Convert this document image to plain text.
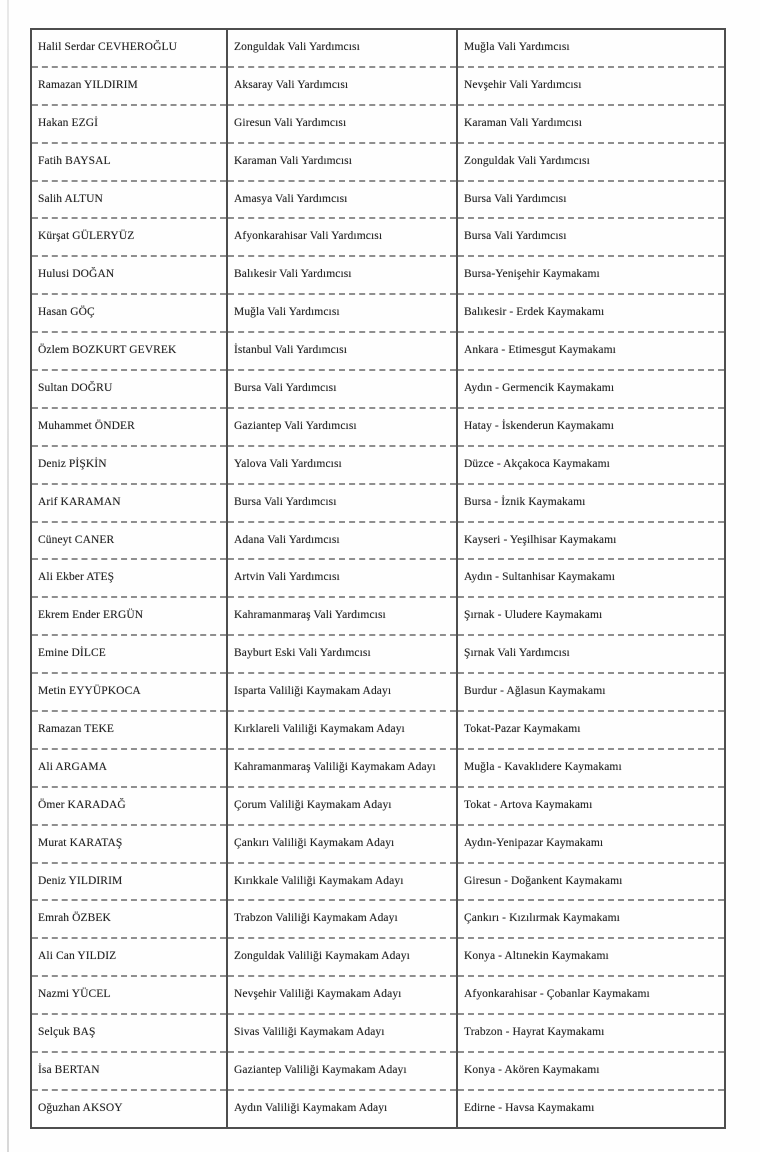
Halil Serdar CEVHEROĞLU	Zonguldak Vali Yardımcısı	Muğla Vali Yardımcısı
Ramazan YILDIRIM	Aksaray Vali Yardımcısı	Nevşehir Vali Yardımcısı
Hakan EZGİ	Giresun Vali Yardımcısı	Karaman Vali Yardımcısı
Fatih BAYSAL	Karaman Vali Yardımcısı	Zonguldak Vali Yardımcısı
Salih ALTUN	Amasya Vali Yardımcısı	Bursa Vali Yardımcısı
Kürşat GÜLERYÜZ	Afyonkarahisar Vali Yardımcısı	Bursa Vali Yardımcısı
Hulusi DOĞAN	Balıkesir Vali Yardımcısı	Bursa-Yenişehir Kaymakamı
Hasan GÖÇ	Muğla Vali Yardımcısı	Balıkesir - Erdek Kaymakamı
Özlem BOZKURT GEVREK	İstanbul Vali Yardımcısı	Ankara - Etimesgut Kaymakamı
Sultan DOĞRU	Bursa Vali Yardımcısı	Aydın - Germencik Kaymakamı
Muhammet ÖNDER	Gaziantep Vali Yardımcısı	Hatay - İskenderun Kaymakamı
Deniz PİŞKİN	Yalova Vali Yardımcısı	Düzce - Akçakoca Kaymakamı
Arif KARAMAN	Bursa Vali Yardımcısı	Bursa - İznik Kaymakamı
Cüneyt CANER	Adana Vali Yardımcısı	Kayseri - Yeşilhisar Kaymakamı
Ali Ekber ATEŞ	Artvin Vali Yardımcısı	Aydın - Sultanhisar Kaymakamı
Ekrem Ender ERGÜN	Kahramanmaraş Vali Yardımcısı	Şırnak - Uludere Kaymakamı
Emine DİLCE	Bayburt Eski Vali Yardımcısı	Şırnak Vali Yardımcısı
Metin EYYÜPKOCA	Isparta Valiliği Kaymakam Adayı	Burdur - Ağlasun Kaymakamı
Ramazan TEKE	Kırklareli Valiliği Kaymakam Adayı	Tokat-Pazar Kaymakamı
Ali ARGAMA	Kahramanmaraş Valiliği Kaymakam Adayı	Muğla - Kavaklıdere Kaymakamı
Ömer KARADAĞ	Çorum Valiliği Kaymakam Adayı	Tokat - Artova Kaymakamı
Murat KARATAŞ	Çankırı Valiliği Kaymakam Adayı	Aydın-Yenipazar Kaymakamı
Deniz YILDIRIM	Kırıkkale Valiliği Kaymakam Adayı	Giresun - Doğankent Kaymakamı
Emrah ÖZBEK	Trabzon Valiliği Kaymakam Adayı	Çankırı - Kızılırmak Kaymakamı
Ali Can YILDIZ	Zonguldak Valiliği Kaymakam Adayı	Konya - Altınekin Kaymakamı
Nazmi YÜCEL	Nevşehir Valiliği Kaymakam Adayı	Afyonkarahisar - Çobanlar Kaymakamı
Selçuk BAŞ	Sivas Valiliği Kaymakam Adayı	Trabzon - Hayrat Kaymakamı
İsa BERTAN	Gaziantep Valiliği Kaymakam Adayı	Konya - Akören Kaymakamı
Oğuzhan AKSOY	Aydın Valiliği Kaymakam Adayı	Edirne - Havsa Kaymakamı
